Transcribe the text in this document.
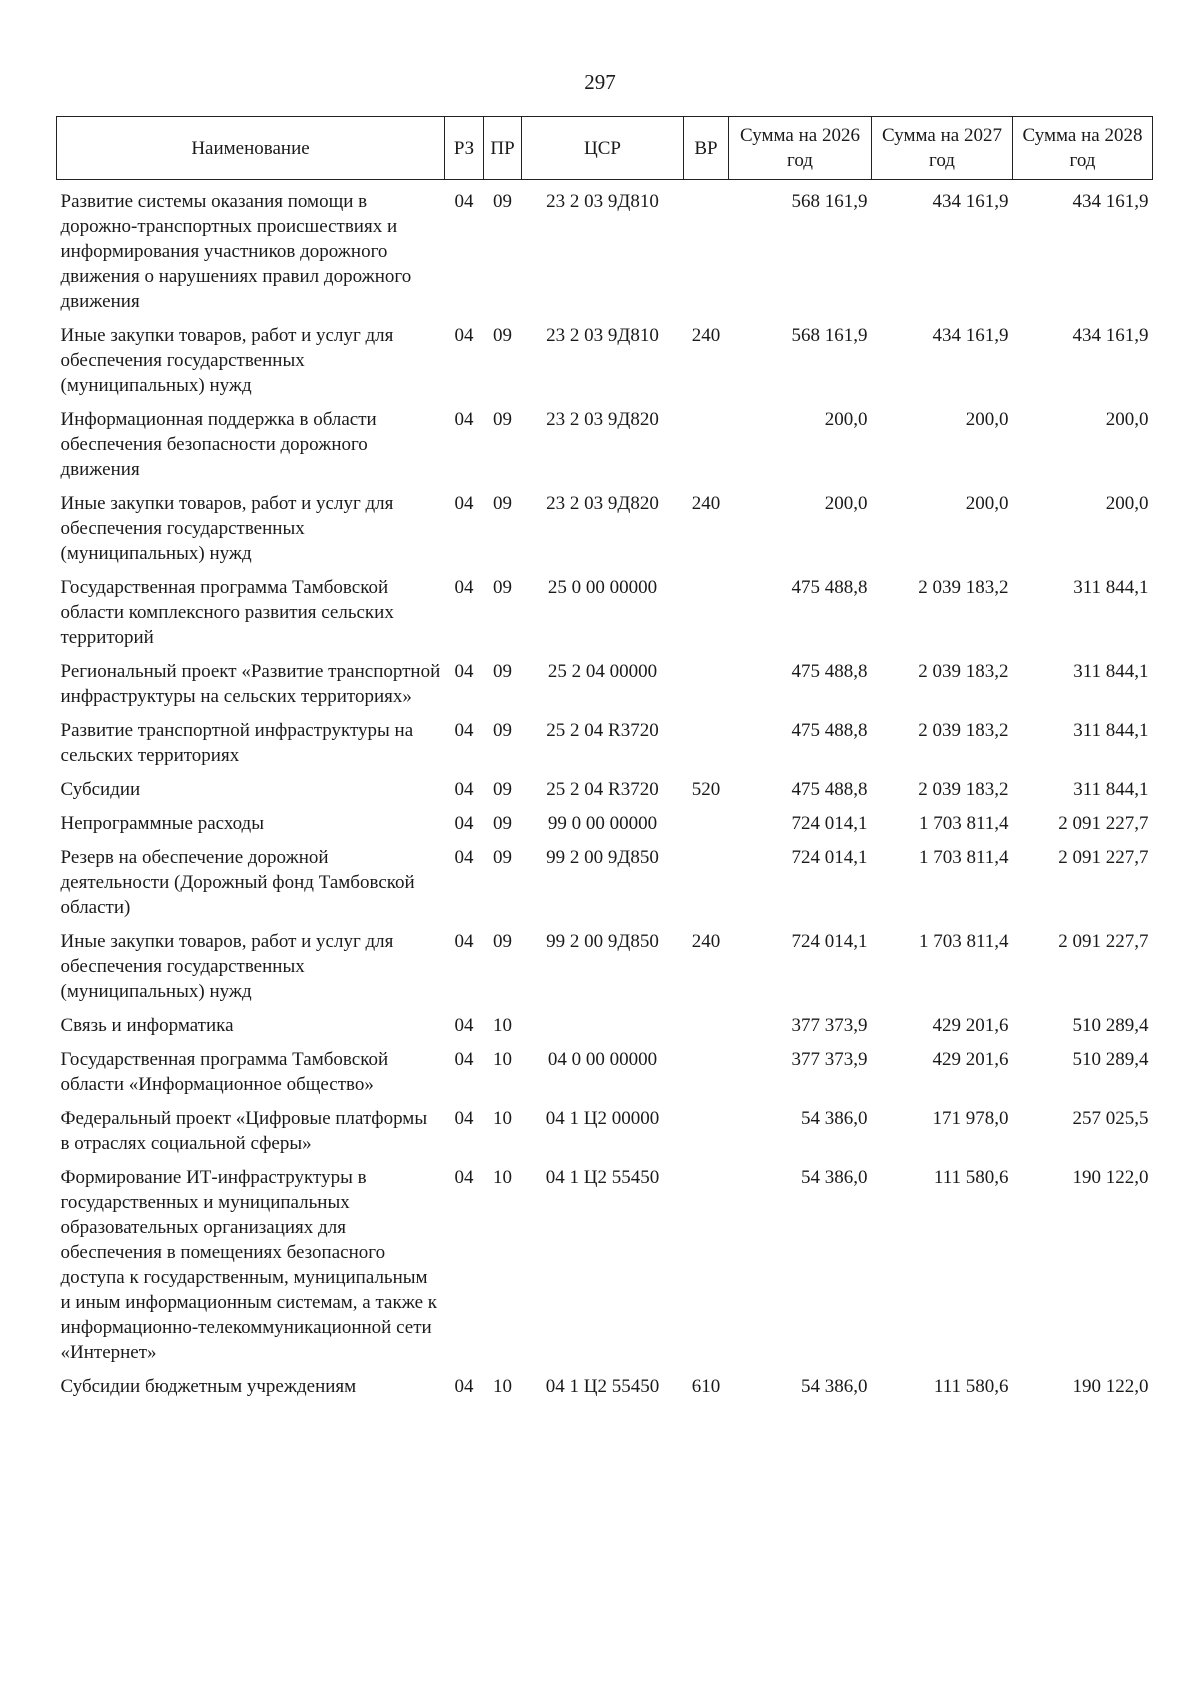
297
Наименование	РЗ	ПР	ЦСР	ВР	Сумма на 2026 год	Сумма на 2027 год	Сумма на 2028 год
Развитие системы оказания помощи в дорожно-транспортных происшествиях и информирования участников дорожного движения о нарушениях правил дорожного движения	04	09	23 2 03 9Д810		568 161,9	434 161,9	434 161,9
Иные закупки товаров, работ и услуг для обеспечения государственных (муниципальных) нужд	04	09	23 2 03 9Д810	240	568 161,9	434 161,9	434 161,9
Информационная поддержка в области обеспечения безопасности дорожного движения	04	09	23 2 03 9Д820		200,0	200,0	200,0
Иные закупки товаров, работ и услуг для обеспечения государственных (муниципальных) нужд	04	09	23 2 03 9Д820	240	200,0	200,0	200,0
Государственная программа Тамбовской области комплексного развития сельских территорий	04	09	25 0 00 00000		475 488,8	2 039 183,2	311 844,1
Региональный проект «Развитие транспортной инфраструктуры на сельских территориях»	04	09	25 2 04 00000		475 488,8	2 039 183,2	311 844,1
Развитие транспортной инфраструктуры на сельских территориях	04	09	25 2 04 R3720		475 488,8	2 039 183,2	311 844,1
Субсидии	04	09	25 2 04 R3720	520	475 488,8	2 039 183,2	311 844,1
Непрограммные расходы	04	09	99 0 00 00000		724 014,1	1 703 811,4	2 091 227,7
Резерв на обеспечение дорожной деятельности (Дорожный фонд Тамбовской области)	04	09	99 2 00 9Д850		724 014,1	1 703 811,4	2 091 227,7
Иные закупки товаров, работ и услуг для обеспечения государственных (муниципальных) нужд	04	09	99 2 00 9Д850	240	724 014,1	1 703 811,4	2 091 227,7
Связь и информатика	04	10			377 373,9	429 201,6	510 289,4
Государственная программа Тамбовской области «Информационное общество»	04	10	04 0 00 00000		377 373,9	429 201,6	510 289,4
Федеральный проект «Цифровые платформы в отраслях социальной сферы»	04	10	04 1 Ц2 00000		54 386,0	171 978,0	257 025,5
Формирование ИТ-инфраструктуры в государственных и муниципальных образовательных организациях для обеспечения в помещениях безопасного доступа к государственным, муниципальным и иным информационным системам, а также к информационно-телекоммуникационной сети «Интернет»	04	10	04 1 Ц2 55450		54 386,0	111 580,6	190 122,0
Субсидии бюджетным учреждениям	04	10	04 1 Ц2 55450	610	54 386,0	111 580,6	190 122,0
